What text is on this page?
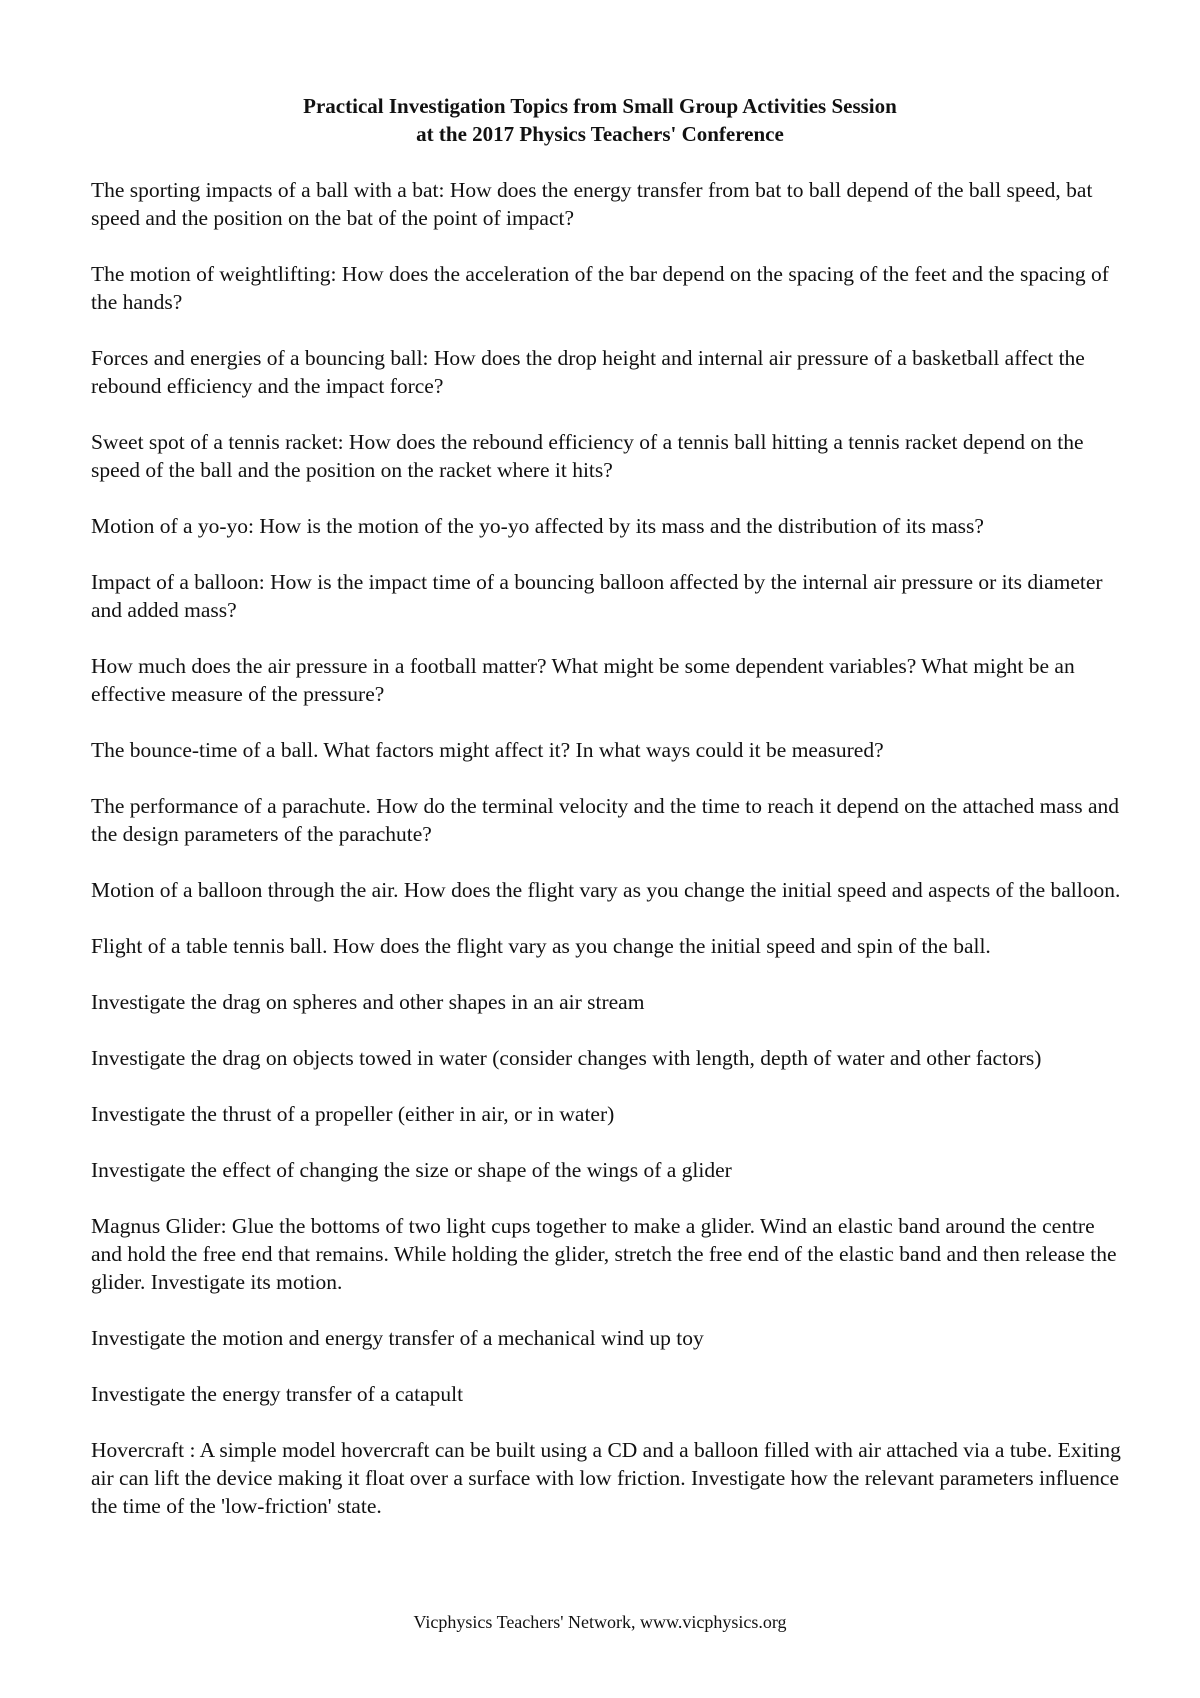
Practical Investigation Topics from Small Group Activities Session

at the 2017 Physics Teachers' Conference

The sporting impacts of a ball with a bat: How does the energy transfer from bat to ball depend of the ball speed, bat speed and the position on the bat of the point of impact?
The motion of weightlifting: How does the acceleration of the bar depend on the spacing of the feet and the spacing of the hands?
Forces and energies of a bouncing ball: How does the drop height and internal air pressure of a basketball affect the rebound efficiency and the impact force?
Sweet spot of a tennis racket: How does the rebound efficiency of a tennis ball hitting a tennis racket depend on the speed of the ball and the position on the racket where it hits?
Motion of a yo-yo: How is the motion of the yo-yo affected by its mass and the distribution of its mass?
Impact of a balloon: How is the impact time of a bouncing balloon affected by the internal air pressure or its diameter and added mass?
How much does the air pressure in a football matter? What might be some dependent variables? What might be an effective measure of the pressure?
The bounce-time of a ball. What factors might affect it? In what ways could it be measured?
The performance of a parachute. How do the terminal velocity and the time to reach it depend on the attached mass and the design parameters of the parachute?
Motion of a balloon through the air. How does the flight vary as you change the initial speed and aspects of the balloon.
Flight of a table tennis ball. How does the flight vary as you change the initial speed and spin of the ball.
Investigate the drag on spheres and other shapes in an air stream
Investigate the drag on objects towed in water (consider changes with length, depth of water and other factors)
Investigate the thrust of a propeller (either in air, or in water)
Investigate the effect of changing the size or shape of the wings of a glider
Magnus Glider: Glue the bottoms of two light cups together to make a glider. Wind an elastic band around the centre and hold the free end that remains. While holding the glider, stretch the free end of the elastic band and then release the glider. Investigate its motion.
Investigate the motion and energy transfer of a mechanical wind up toy
Investigate the energy transfer of a catapult
Hovercraft : A simple model hovercraft can be built using a CD and a balloon filled with air attached via a tube. Exiting air can lift the device making it float over a surface with low friction. Investigate how the relevant parameters influence the time of the 'low-friction' state.
Vicphysics Teachers' Network, www.vicphysics.org
